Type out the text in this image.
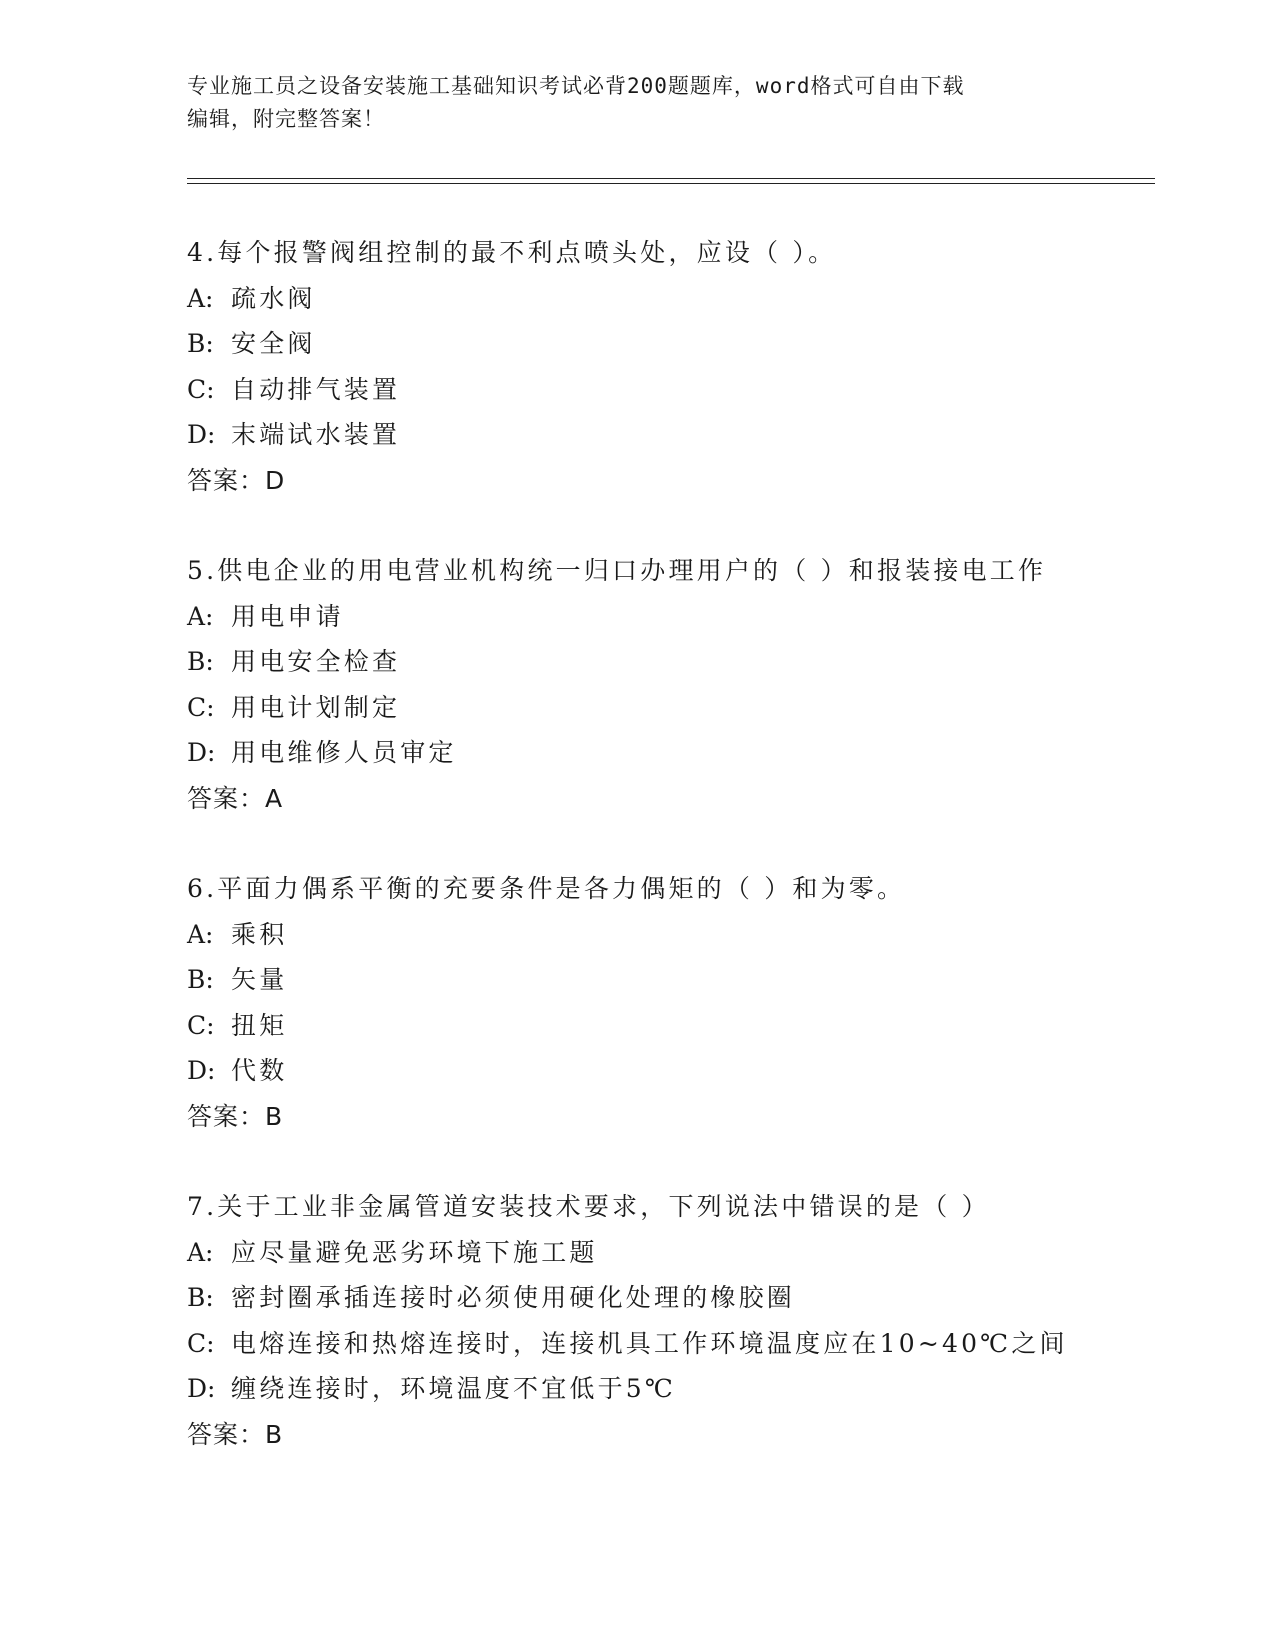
专业施工员之设备安装施工基础知识考试必背200题题库，word格式可自由下载
编辑，附完整答案！
4.每个报警阀组控制的最不利点喷头处，应设（ ）。
A: 疏水阀
B: 安全阀
C: 自动排气装置
D: 末端试水装置
答案：D
5.供电企业的用电营业机构统一归口办理用户的（ ）和报装接电工作
A: 用电申请
B: 用电安全检查
C: 用电计划制定
D: 用电维修人员审定
答案：A
6.平面力偶系平衡的充要条件是各力偶矩的（ ）和为零。
A: 乘积
B: 矢量
C: 扭矩
D: 代数
答案：B
7.关于工业非金属管道安装技术要求，下列说法中错误的是（ ）
A: 应尽量避免恶劣环境下施工题
B: 密封圈承插连接时必须使用硬化处理的橡胶圈
C: 电熔连接和热熔连接时，连接机具工作环境温度应在10~40℃之间
D: 缠绕连接时，环境温度不宜低于5℃
答案：B
